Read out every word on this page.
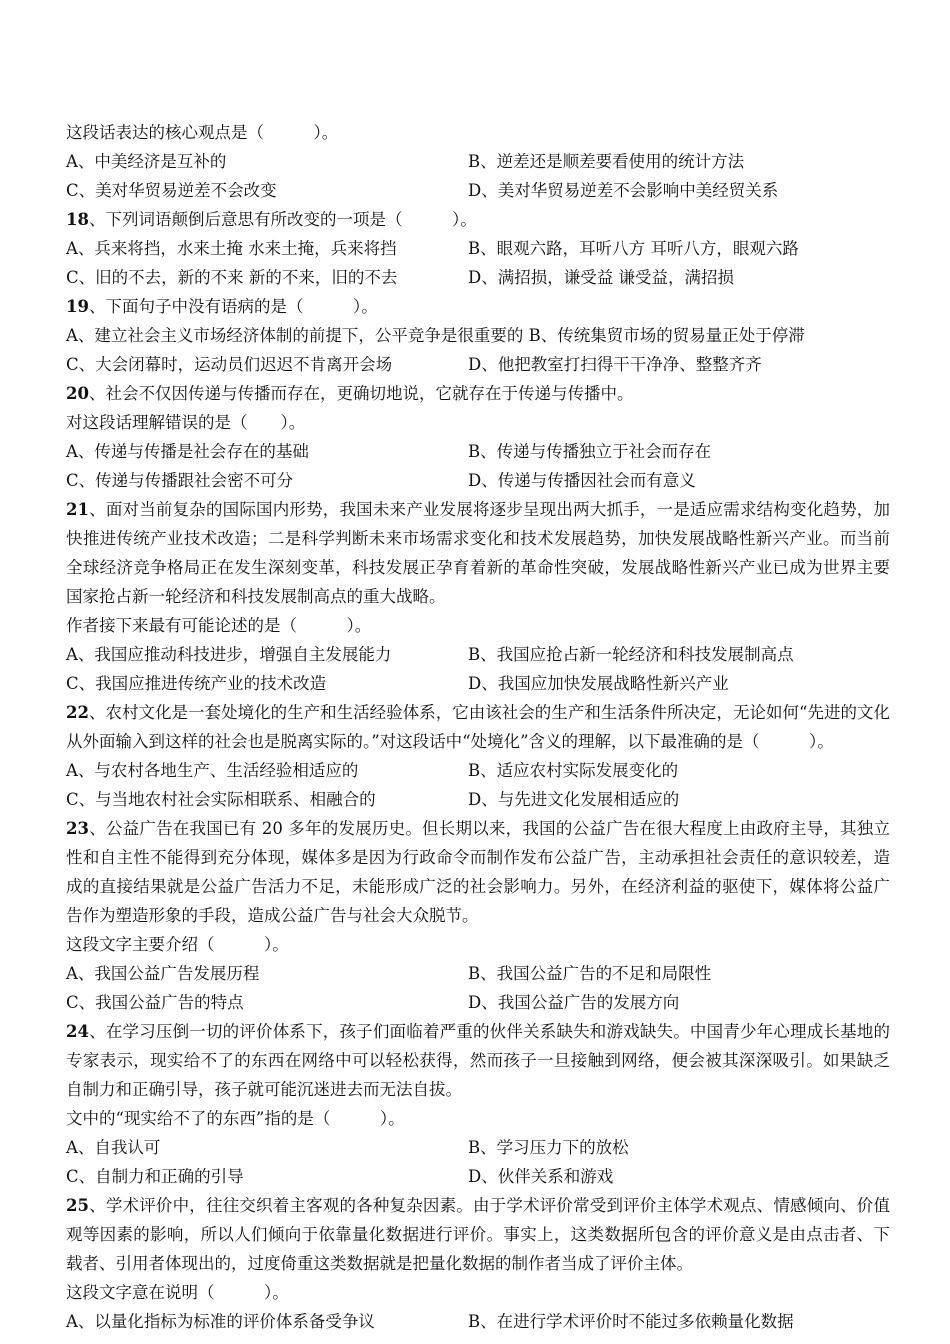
这段话表达的核心观点是（　　　）。
A、中美经济是互补的	B、逆差还是顺差要看使用的统计方法
C、美对华贸易逆差不会改变	D、美对华贸易逆差不会影响中美经贸关系
18、下列词语颠倒后意思有所改变的一项是（　　　）。
A、兵来将挡，水来土掩 水来土掩，兵来将挡	B、眼观六路，耳听八方 耳听八方，眼观六路
C、旧的不去，新的不来 新的不来，旧的不去	D、满招损，谦受益 谦受益，满招损
19、下面句子中没有语病的是（　　　）。
A、建立社会主义市场经济体制的前提下，公平竞争是很重要的 B、传统集贸市场的贸易量正处于停滞
C、大会闭幕时，运动员们迟迟不肯离开会场	D、他把教室打扫得干干净净、整整齐齐
20、社会不仅因传递与传播而存在，更确切地说，它就存在于传递与传播中。
对这段话理解错误的是（　　）。
A、传递与传播是社会存在的基础	B、传递与传播独立于社会而存在
C、传递与传播跟社会密不可分	D、传递与传播因社会而有意义
21、面对当前复杂的国际国内形势，我国未来产业发展将逐步呈现出两大抓手，一是适应需求结构变化趋势，加快推进传统产业技术改造；二是科学判断未来市场需求变化和技术发展趋势，加快发展战略性新兴产业。而当前全球经济竞争格局正在发生深刻变革，科技发展正孕育着新的革命性突破，发展战略性新兴产业已成为世界主要国家抢占新一轮经济和科技发展制高点的重大战略。
作者接下来最有可能论述的是（　　　）。
A、我国应推动科技进步，增强自主发展能力	B、我国应抢占新一轮经济和科技发展制高点
C、我国应推进传统产业的技术改造	D、我国应加快发展战略性新兴产业
22、农村文化是一套处境化的生产和生活经验体系，它由该社会的生产和生活条件所决定，无论如何“先进的文化从外面输入到这样的社会也是脱离实际的。”对这段话中“处境化”含义的理解，以下最准确的是（　　　）。
A、与农村各地生产、生活经验相适应的	B、适应农村实际发展变化的
C、与当地农村社会实际相联系、相融合的	D、与先进文化发展相适应的
23、公益广告在我国已有 20 多年的发展历史。但长期以来，我国的公益广告在很大程度上由政府主导，其独立性和自主性不能得到充分体现，媒体多是因为行政命令而制作发布公益广告，主动承担社会责任的意识较差，造成的直接结果就是公益广告活力不足，未能形成广泛的社会影响力。另外，在经济利益的驱使下，媒体将公益广告作为塑造形象的手段，造成公益广告与社会大众脱节。
这段文字主要介绍（　　　）。
A、我国公益广告发展历程	B、我国公益广告的不足和局限性
C、我国公益广告的特点	D、我国公益广告的发展方向
24、在学习压倒一切的评价体系下，孩子们面临着严重的伙伴关系缺失和游戏缺失。中国青少年心理成长基地的专家表示，现实给不了的东西在网络中可以轻松获得，然而孩子一旦接触到网络，便会被其深深吸引。如果缺乏自制力和正确引导，孩子就可能沉迷进去而无法自拔。
文中的“现实给不了的东西”指的是（　　　）。
A、自我认可	B、学习压力下的放松
C、自制力和正确的引导	D、伙伴关系和游戏
25、学术评价中，往往交织着主客观的各种复杂因素。由于学术评价常受到评价主体学术观点、情感倾向、价值观等因素的影响，所以人们倾向于依靠量化数据进行评价。事实上，这类数据所包含的评价意义是由点击者、下载者、引用者体现出的，过度倚重这类数据就是把量化数据的制作者当成了评价主体。
这段文字意在说明（　　　）。
A、以量化指标为标准的评价体系备受争议	B、在进行学术评价时不能过多依赖量化数据
